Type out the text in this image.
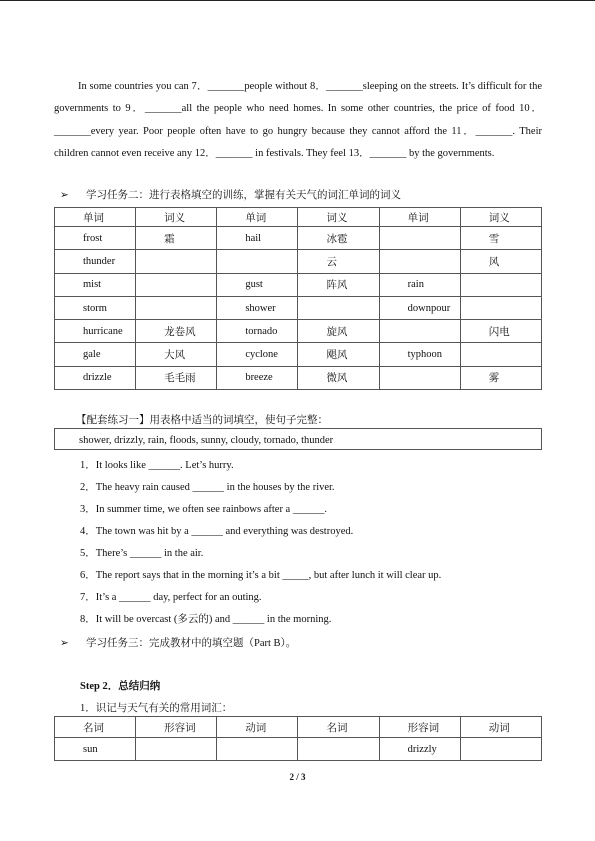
In some countries you can 7．_______people without 8．_______sleeping on the streets. It’s difficult for the governments to 9．_______all the people who need homes. In some other countries, the price of food 10．_______every year. Poor people often have to go hungry because they cannot afford the 11．_______. Their children cannot even receive any 12．_______ in festivals. They feel 13．_______ by the governments.

➢ 学习任务二：进行表格填空的训练，掌握有关天气的词汇单词的词义
单词	词义	单词	词义	单词	词义
frost	霜	hail	冰雹		雪
thunder			云		风
mist		gust	阵风	rain	
storm		shower		downpour	
hurricane	龙卷风	tornado	旋风		闪电
gale	大风	cyclone	飓风	typhoon	
drizzle	毛毛雨	breeze	微风		雾
【配套练习一】用表格中适当的词填空，使句子完整：
shower, drizzly, rain, floods, sunny, cloudy, tornado, thunder
1．It looks like ______. Let’s hurry.
2．The heavy rain caused ______ in the houses by the river.
3．In summer time, we often see rainbows after a ______.
4．The town was hit by a ______ and everything was destroyed.
5．There’s ______ in the air.
6．The report says that in the morning it’s a bit _____, but after lunch it will clear up.
7．It’s a ______ day, perfect for an outing.
8．It will be overcast (多云的) and ______ in the morning.
➢ 学习任务三：完成教材中的填空题（Part B）。
Step 2．总结归纳
1．识记与天气有关的常用词汇：
名词	形容词	动词	名词	形容词	动词
sun				drizzly	
2 / 3
